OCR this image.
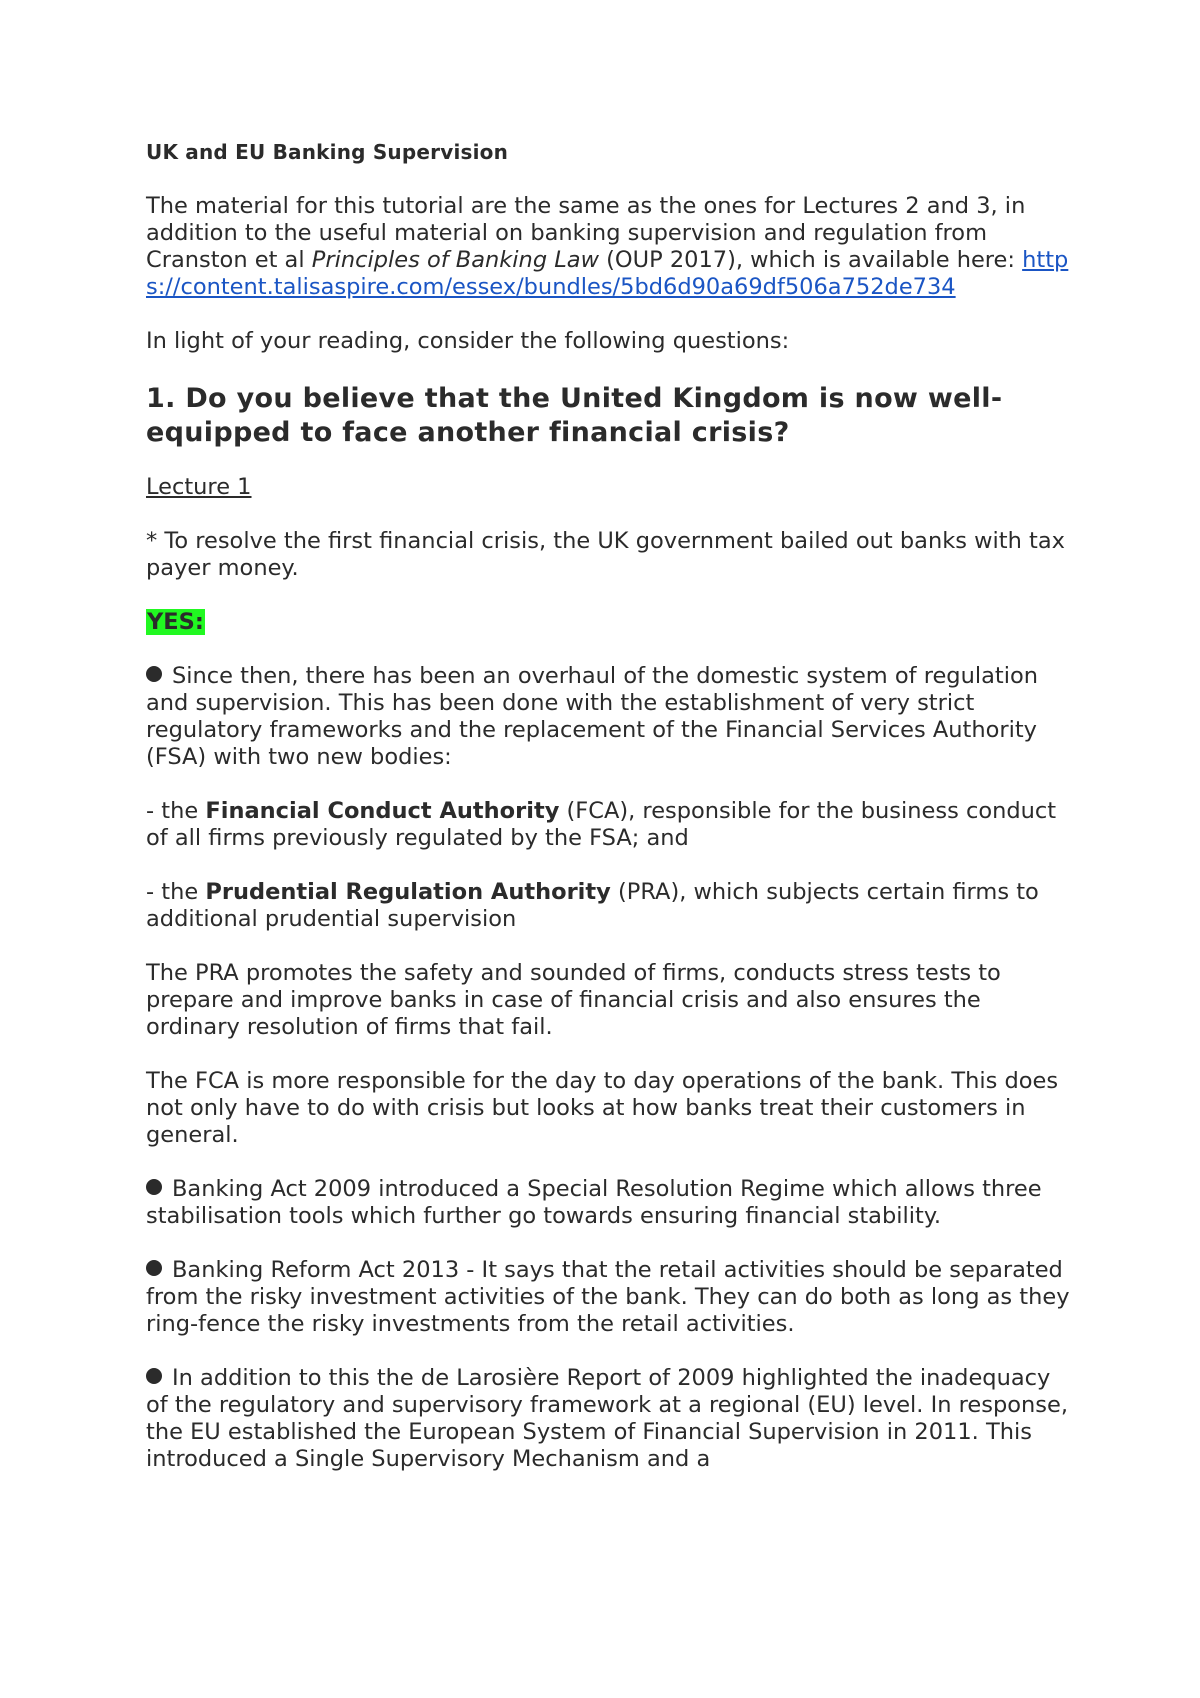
UK and EU Banking Supervision

The material for this tutorial are the same as the ones for Lectures 2 and 3, in addition to the useful material on banking supervision and regulation from Cranston et al Principles of Banking Law (OUP 2017), which is available here: https://content.talisaspire.com/essex/bundles/5bd6d90a69df506a752de734

In light of your reading, consider the following questions:

1. Do you believe that the United Kingdom is now well-equipped to face another financial crisis?

Lecture 1

* To resolve the first financial crisis, the UK government bailed out banks with tax payer money.

YES:

Since then, there has been an overhaul of the domestic system of regulation and supervision. This has been done with the establishment of very strict regulatory frameworks and the replacement of the Financial Services Authority (FSA) with two new bodies:

- the Financial Conduct Authority (FCA), responsible for the business conduct of all firms previously regulated by the FSA; and

- the Prudential Regulation Authority (PRA), which subjects certain firms to additional prudential supervision

The PRA promotes the safety and sounded of firms, conducts stress tests to prepare and improve banks in case of financial crisis and also ensures the ordinary resolution of firms that fail.

The FCA is more responsible for the day to day operations of the bank. This does not only have to do with crisis but looks at how banks treat their customers in general.

Banking Act 2009 introduced a Special Resolution Regime which allows three stabilisation tools which further go towards ensuring financial stability.

Banking Reform Act 2013 - It says that the retail activities should be separated from the risky investment activities of the bank. They can do both as long as they ring-fence the risky investments from the retail activities.

In addition to this the de Larosière Report of 2009 highlighted the inadequacy of the regulatory and supervisory framework at a regional (EU) level. In response, the EU established the European System of Financial Supervision in 2011. This introduced a Single Supervisory Mechanism and a
